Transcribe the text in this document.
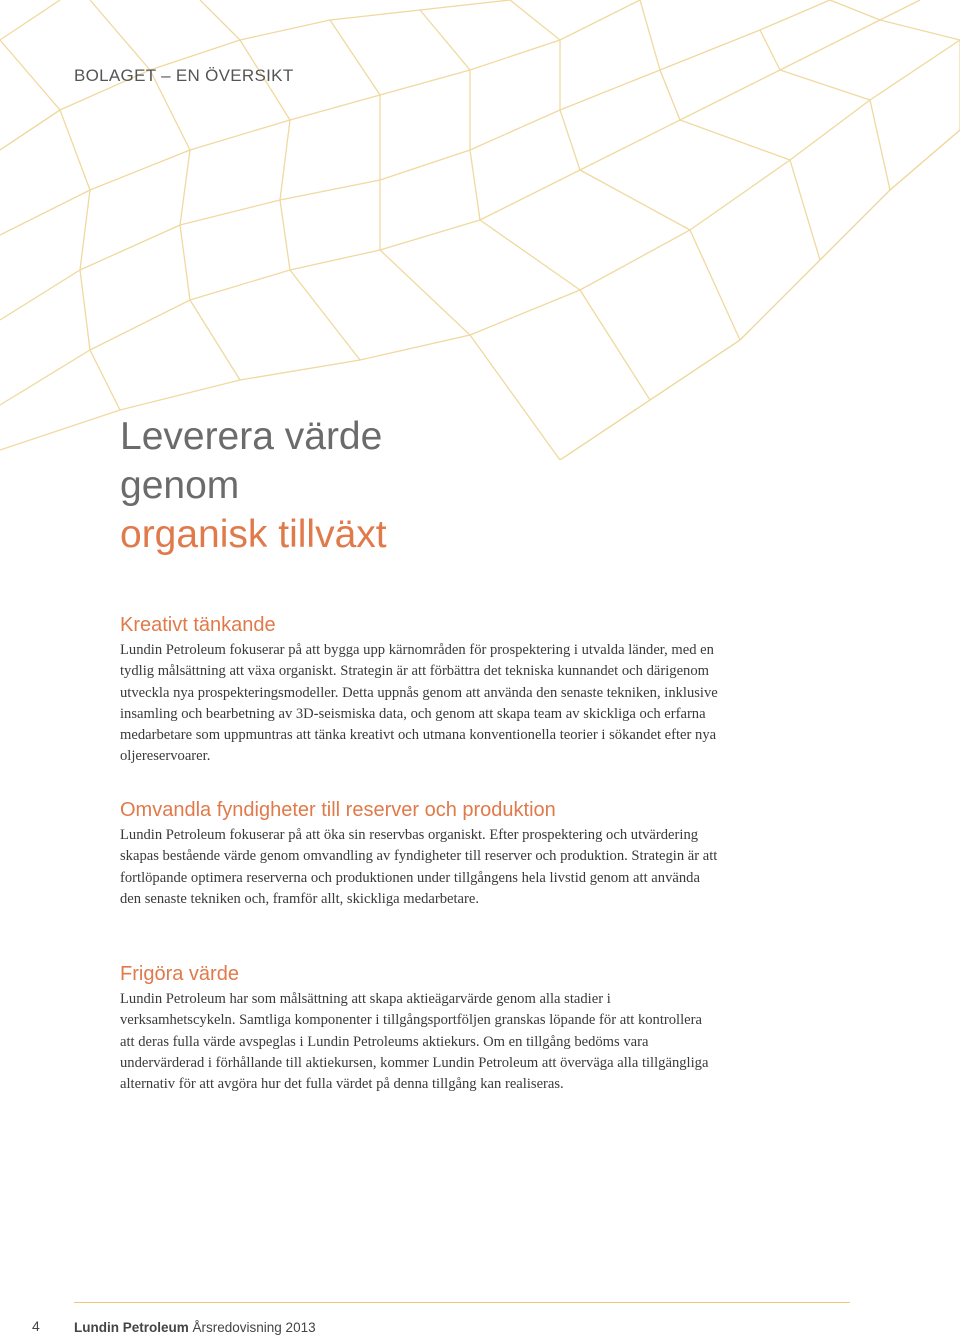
BOLAGET – EN ÖVERSIKT
Leverera värde
genom
organisk tillväxt
Kreativt tänkande

Lundin Petroleum fokuserar på att bygga upp kärnområden för prospektering i utvalda länder, med en tydlig målsättning att växa organiskt. Strategin är att förbättra det tekniska kunnandet och därigenom utveckla nya prospekteringsmodeller. Detta uppnås genom att använda den senaste tekniken, inklusive insamling och bearbetning av 3D-seismiska data, och genom att skapa team av skickliga och erfarna medarbetare som uppmuntras att tänka kreativt och utmana konventionella teorier i sökandet efter nya oljereservoarer.

Omvandla fyndigheter till reserver och produktion

Lundin Petroleum fokuserar på att öka sin reservbas organiskt. Efter prospektering och utvärdering skapas bestående värde genom omvandling av fyndigheter till reserver och produktion. Strategin är att fortlöpande optimera reserverna och produktionen under tillgångens hela livstid genom att använda den senaste tekniken och, framför allt, skickliga medarbetare.

Frigöra värde

Lundin Petroleum har som målsättning att skapa aktieägarvärde genom alla stadier i verksamhetscykeln. Samtliga komponenter i tillgångsportföljen granskas löpande för att kontrollera att deras fulla värde avspeglas i Lundin Petroleums aktiekurs. Om en tillgång bedöms vara undervärderad i förhållande till aktiekursen, kommer Lundin Petroleum att överväga alla tillgängliga alternativ för att avgöra hur det fulla värdet på denna tillgång kan realiseras.

4	Lundin Petroleum Årsredovisning 2013
